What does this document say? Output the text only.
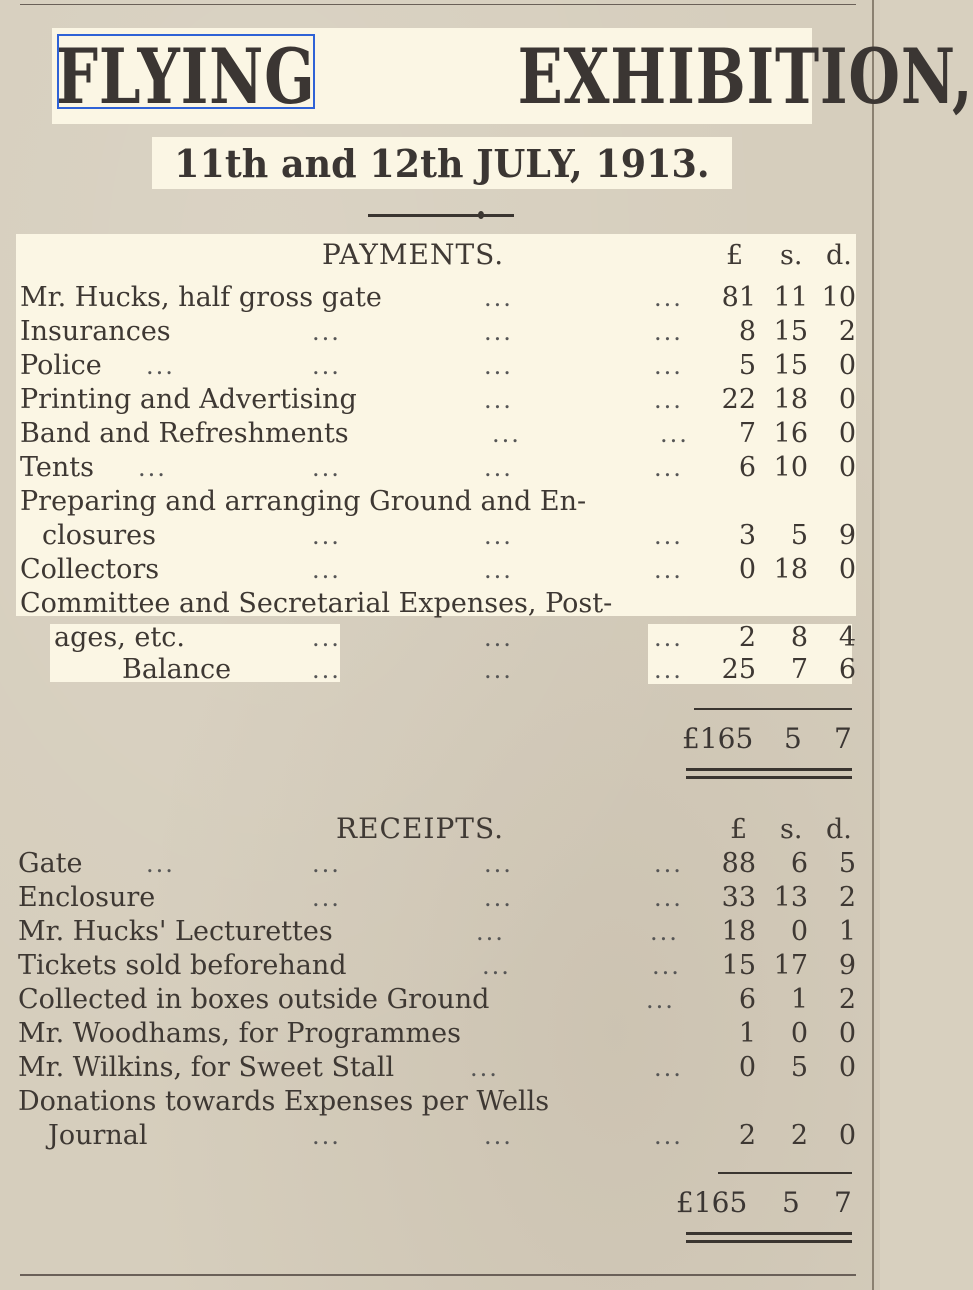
FLYING	EXHIBITION,
11th and 12th JULY, 1913.
PAYMENTS.	£ s. d.
Mr. Hucks, half gross gate	...	... 81 11 10
Insurances	...	...	... 8 15 2
Police ...	...	...	... 5 15 0
Printing and Advertising	...	... 22 18 0
Band and Refreshments	...	... 7 16 0
Tents ...	...	...	... 6 10 0
Preparing and arranging Ground and En-
closures	...	...	... 3 5 9
Collectors	...	...	... 0 18 0
Committee and Secretarial Expenses, Post-
ages, etc.	...	...	... 2 8 4
Balance	...	...	... 25 7 6
£165 5 7
RECEIPTS.	£ s. d.
Gate	...	...	...	... 88 6 5
Enclosure	...	...	... 33 13 2
Mr. Hucks' Lecturettes	...	... 18 0 1
Tickets sold beforehand	...	... 15 17 9
Collected in boxes outside Ground	... 6 1 2
Mr. Woodhams, for Programmes	1 0 0
Mr. Wilkins, for Sweet Stall	...	... 0 5 0
Donations towards Expenses per Wells
Journal	...	...	... 2 2 0
£165 5 7
